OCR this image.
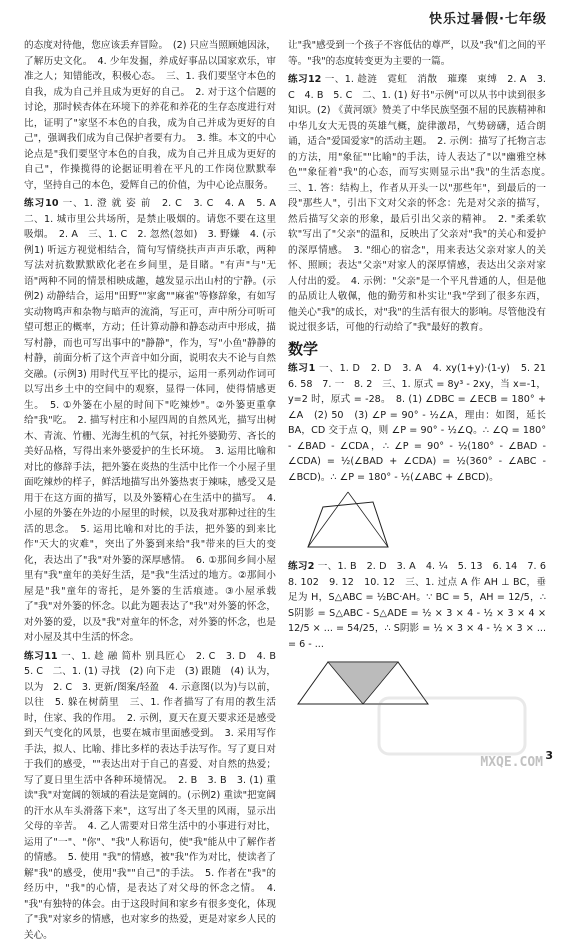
快乐过暑假·七年级

的态度对待他，您应该丢弃冒险。　(2) 只应当照顾她因泳，了解历史文化。　4. 少年发掘，养成好事品以国家欢乐，审准之人；知错能改，积极心态。　三、1. 我们要坚守本色的自我，成为自己并且成为更好的自己。　2. 对于这个信题的讨论，那时候杏体在环境下的养花和养花的生存态度进行对比，证明了"家坚不本色的自我，成为自己并成为更好的自己"，强调我们成为自己保护者要有力。　3. 维。本文的中心论点是"我们要坚守本色的自我，成为自己并且成为更好的自己"，作操揽得的论据证明着在平凡的工作岗位默默奉守，坚持自己的本色，爱辉自己的价值，为中心论点服务。

练习10 一、1. 澄 就 姿 前　2. C　3. C　4. A　5. A　二、1. 城市里公共场所，是禁止吸烟的。请您不要在这里吸烟。　2. A　三、1. C　2. 忽然(忽如)　3. 野嫌　4. (示例1) 听远方视觉相结合，简句写情绕扶声声声乐歌，两种写法对抗数默默欧化老在乡间里，是目睹。"有声"与"无语"两种不同的情景相映成趣，越发显示出山村的宁静。(示例2) 动静结合，运用"田野""家禽""麻雀"等修辞象，有如写实动物鸣声和杂物与暗声的流淌，写正可，声中所分可听可望可想正的概率，方动；任计算动静和静态动声中形成，描写村静，而也可写出事中的"静静"，作为，写"小鱼"静静的村静，前面分析了这个声音中如分面，说明农夫不论与自然交融。(示例3) 用时代互平比的提示，运用一系列动作词可以写出乡土中的空间中的观察，显得一体同，使得情感更生。　5. ①外篓在小屋的时间下"吃辣炒"。②外篓更重拿给"我"吃。　2. 描写村庄和小屋四周的自然风光，描写出树木、青流、竹栅、光海生机的气氛，衬托外婆勤劳、吝长的美好品格，写得出来外婆爱护的生长环境。　3. 运用比喻和对比的修辞手法，把外篓在炎热的生活中比作一个小屋子里面吃辣炒的样子，鲜活地描写出外篓热衷于辣味，感受又是用于在这方面的描写，以及外篓精心在生活中的描写。　4. 小屋的外篓在外边的小屋里的时候，以及我对那种过往的生活的思念。　5. 运用比喻和对比的手法，把外篓的到来比作"天大的灾难"，突出了外篓到来给"我"带来的巨大的变化，表达出了"我"对外篓的深厚感情。　6. ①那间乡间小屋里有"我"童年的美好生活，是"我"生活过的地方。②那间小屋是"我"童年的寄托，是外篓的生活痕迹。③小屋承载了"我"对外篓的怀念。以此为题表达了"我"对外篓的怀念，对外篓的爱，以及"我"对童年的怀念，对外篓的怀念，也是对小屋及其中生活的怀念。

练习11 一、1. 趁 融 简朴 别具匠心　2. C　3. D　4. B　5. C　二、1. (1) 寻找　(2) 向下走　(3) 跟随　(4) 认为，以为　2. C　3. 更新/图案/轻盈　4. 示意图(以为)与以前，以往　5. 躲在树荫里　三、1. 作者描写了有用的教生活时，住家、我的作用。　2. 示例，夏天在夏天要求还是感受到天气变化的风景，也要在城市里面感受到。　3. 采用写作手法，拟人、比喻、排比多样的表达手法写作。写了夏日对于我们的感受，""表达出对于自己的喜爱、对自然的热爱；写了夏日里生活中各种环境情况。　2. B　3. B　3. (1) 重读"我"对宽阔的领域的看法是宽阔的。(示例2) 重读"把宽阔的汗水从车头滑落下来"，这写出了冬天里的风雨，显示出父母的辛苦。　4. 乙人需要对日常生活中的小事进行对比，运用了"一"、"你"、"我"人称语句，使"我"能从中了解作者的情感。　5. 使用 "我"的情感，被"我"作为对比，使读者了解"我"的感受，使用"我""自己"的手法。　5. 作者在"我"的经历中，"我"的心情，是表达了对父母的怀念之情。　4. "我"有独特的体会。由于这段时间和家乡有很多变化，体现了"我"对家乡的情感，也对家乡的热爱，更是对家乡人民的关心。

让"我"感受到一个孩子不容低估的尊严，以及"我"们之间的平等。"我"的态度转变更为主要的一篇。

练习12 一、1. 趁涟　霓虹　消散　璀璨　束缚　2. A　3. C　4. B　5. C　二、1. (1) 好书"示例"可以从书中读到很多知识。(2) 《黄河颂》赞美了中华民族坚强不屈的民族精神和中华儿女大无畏的英雄气概，旋律激昂，气势磅礴，适合朗诵，适合"爱国爱家"的活动主题。　2. 示例：描写了托物言志的方法，用"象征""比喻"的手法，诗人表达了"以"幽雅空林色""象征着"我"的心态，而写实则显示出"我"的生活态度。　三、1. 答：结构上，作者从开头一以"那些年"，到最后的一段"那些人"，引出下文对父亲的怀念：先是对父亲的描写，然后描写父亲的形象，最后引出父亲的精神。　2. "柔柔软软"写出了"父亲"的温和，反映出了父亲对"我"的关心和爱护的深厚情感。　3. "细心的宿念"，用来表达父亲对家人的关怀、照顾；表达"父亲"对家人的深厚情感，表达出父亲对家人付出的爱。　4. 示例："父亲"是一个平凡普通的人，但是他的品质让人敬佩，他的勤劳和朴实让"我"学到了很多东西，他关心"我"的成长，对"我"的生活有很大的影响。尽管他没有说过很多话，可他的行动给了"我"最好的教育。

数学

练习1 一、1. D　2. D　3. A　4. xy(1+y)·(1-y)　5. 21　6. 58　7. 一　8. 2　三、1. 原式 = 8y³ - 2xy，当 x=-1，y=2 时，原式 = -28。　8. (1) ∠DBC = ∠ECB = 180° + ∠A　(2) 50　(3) ∠P = 90° - ½∠A，理由：如图，延长 BA，CD 交于点 Q，则 ∠P = 90° - ½∠Q。∴ ∠Q = 180° - ∠BAD - ∠CDA，∴ ∠P = 90° - ½(180° - ∠BAD - ∠CDA) = ½(∠BAD + ∠CDA) = ½(360° - ∠ABC - ∠BCD)。∴ ∠P = 180° - ½(∠ABC + ∠BCD)。

练习2 一、1. B　2. D　3. A　4. ¼　5. 13　6. 14　7. 6　8. 102　9. 12　10. 12　三、1. 过点 A 作 AH ⊥ BC，垂足为 H，S△ABC = ½BC·AH。∵ BC = 5，AH = 12/5，∴ S阴影 = S△ABC - S△ADE = ½ × 3 × 4 - ½ × 3 × 4 × 12/5 × ... = 54/25，∴ S阴影 = ½ × 3 × 4 - ½ × 3 × ... = 6 - ...

MXQE.COM 3
